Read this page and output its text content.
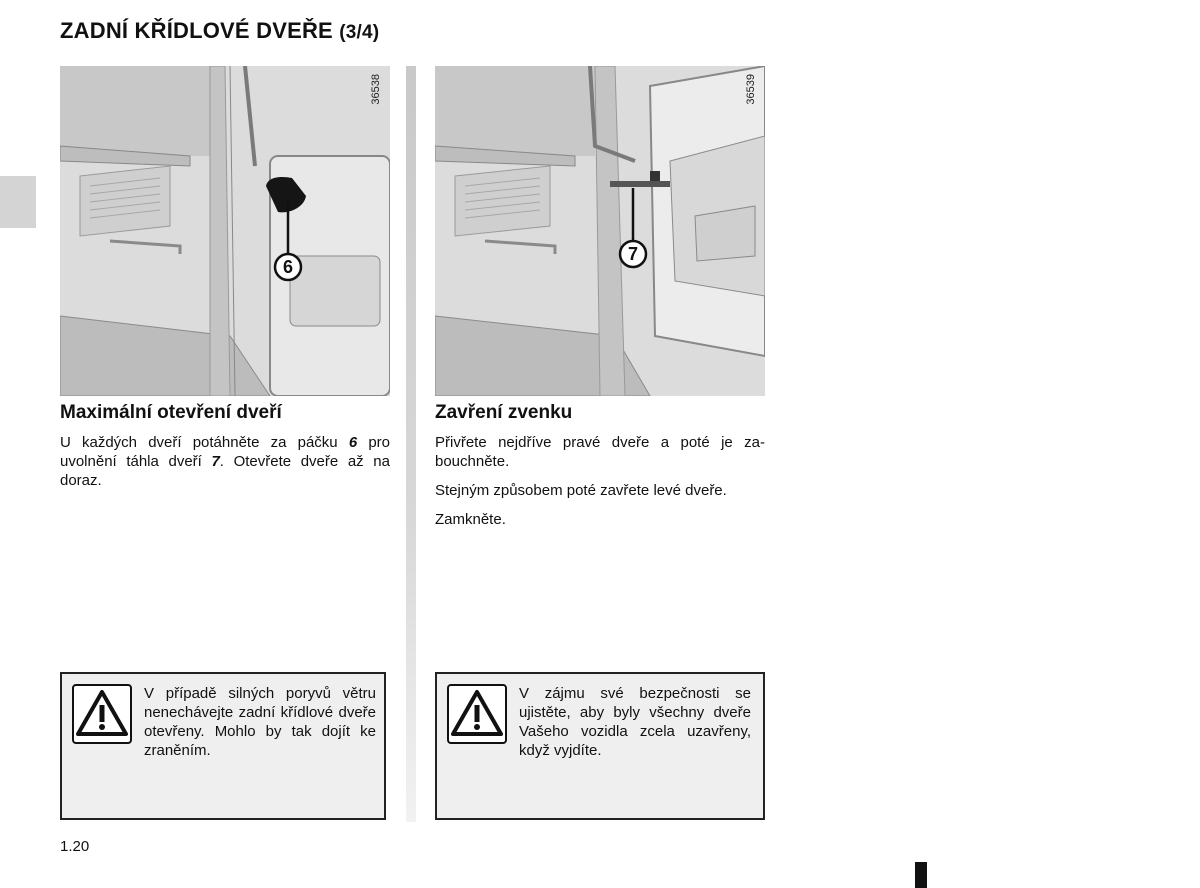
ZADNÍ KŘÍDLOVÉ DVEŘE (3/4)
6
36538
Maximální otevření dveří

U každých dveří potáhněte za páčku 6 pro uvolnění táhla dveří 7. Otevřete dveře až na doraz.

V případě silných poryvů větru nenechávejte zadní křídlové dveře otevřeny. Mohlo by tak dojít ke zraněním.

7
36539
Zavření zvenku

Přivřete nejdříve pravé dveře a poté je za-bouchněte.

Stejným způsobem poté zavřete levé dveře.

Zamkněte.

V zájmu své bezpečnosti se ujistěte, aby byly všechny dveře Vašeho vozidla zcela uzavřeny, když vyjdíte.

1.20
